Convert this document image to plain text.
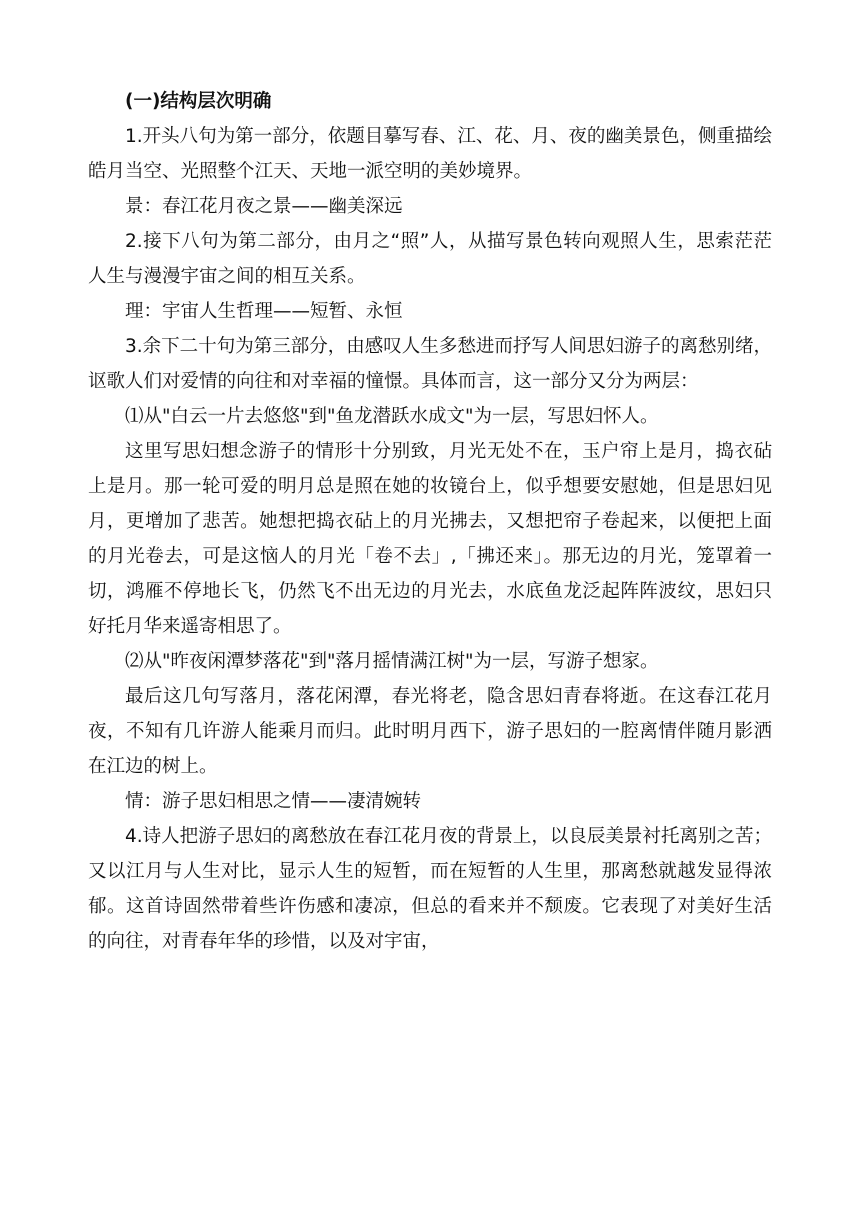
(一)结构层次明确

1.开头八句为第一部分，依题目摹写春、江、花、月、夜的幽美景色，侧重描绘皓月当空、光照整个江天、天地一派空明的美妙境界。

景：春江花月夜之景——幽美深远

2.接下八句为第二部分，由月之“照”人，从描写景色转向观照人生，思索茫茫人生与漫漫宇宙之间的相互关系。

理：宇宙人生哲理——短暂、永恒

3.余下二十句为第三部分，由感叹人生多愁进而抒写人间思妇游子的离愁别绪，讴歌人们对爱情的向往和对幸福的憧憬。具体而言，这一部分又分为两层：

⑴从"白云一片去悠悠"到"鱼龙潜跃水成文"为一层，写思妇怀人。

这里写思妇想念游子的情形十分别致，月光无处不在，玉户帘上是月，捣衣砧上是月。那一轮可爱的明月总是照在她的妆镜台上，似乎想要安慰她，但是思妇见月，更增加了悲苦。她想把捣衣砧上的月光拂去，又想把帘子卷起来，以便把上面的月光卷去，可是这恼人的月光「卷不去」,「拂还来」。那无边的月光，笼罩着一切，鸿雁不停地长飞，仍然飞不出无边的月光去，水底鱼龙泛起阵阵波纹，思妇只好托月华来遥寄相思了。

⑵从"昨夜闲潭梦落花"到"落月摇情满江树"为一层，写游子想家。

最后这几句写落月，落花闲潭，春光将老，隐含思妇青春将逝。在这春江花月夜，不知有几许游人能乘月而归。此时明月西下，游子思妇的一腔离情伴随月影洒在江边的树上。

情：游子思妇相思之情——凄清婉转

4.诗人把游子思妇的离愁放在春江花月夜的背景上，以良辰美景衬托离别之苦；又以江月与人生对比，显示人生的短暂，而在短暂的人生里，那离愁就越发显得浓郁。这首诗固然带着些许伤感和凄凉，但总的看来并不颓废。它表现了对美好生活的向往，对青春年华的珍惜，以及对宇宙，
